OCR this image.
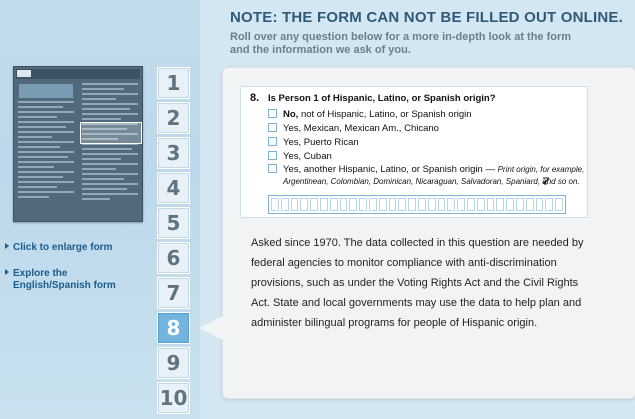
Click to enlarge form
Explore the
English/Spanish form
1
2
3
4
5
6
7
8
9
10
NOTE: THE FORM CAN NOT BE FILLED OUT ONLINE.
Roll over any question below for a more in-depth look at the form and the information we ask of you.
8. Is Person 1 of Hispanic, Latino, or Spanish origin?
No, not of Hispanic, Latino, or Spanish origin
Yes, Mexican, Mexican Am., Chicano
Yes, Puerto Rican
Yes, Cuban
Yes, another Hispanic, Latino, or Spanish origin — Print origin, for example,
Argentinean, Colombian, Dominican, Nicaraguan, Salvadoran, Spaniard, and so on.
Asked since 1970. The data collected in this question are needed by federal agencies to monitor compliance with anti-discrimination provisions, such as under the Voting Rights Act and the Civil Rights Act. State and local governments may use the data to help plan and administer bilingual programs for people of Hispanic origin.
